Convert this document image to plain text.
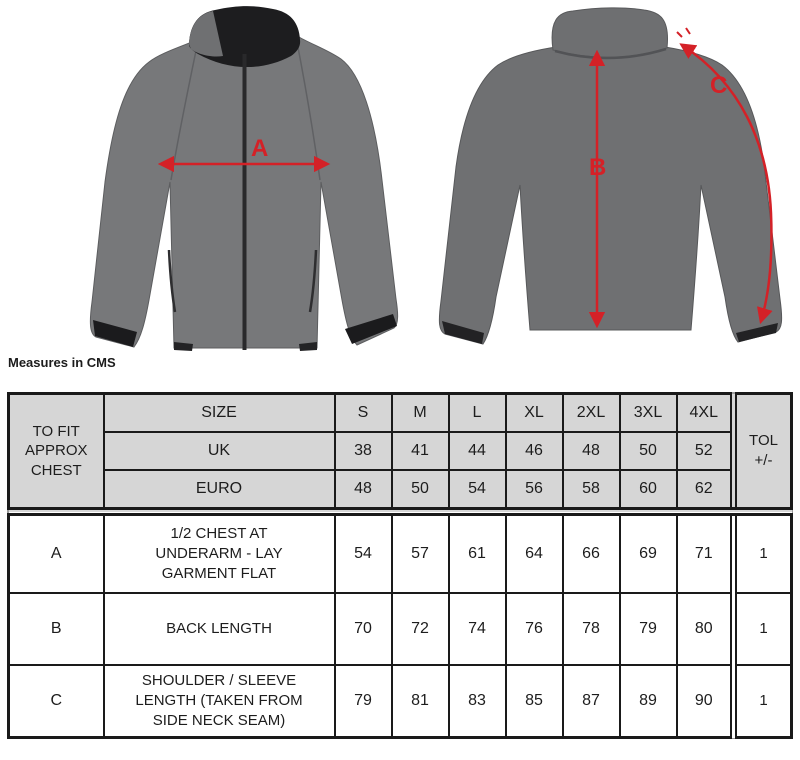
A
B
C
Measures in CMS
TO FIT
APPROX
CHEST
	SIZE	S	M	L	XL	2XL	3XL	4XL	
TOL
+/-

	UK	38	41	44	46	48	50	52	
	EURO	48	50	54	56	58	60	62	
A	1/2 CHEST AT
UNDERARM - LAY
GARMENT FLAT	54	57	61	64	66	69	71	1
B	BACK LENGTH	70	72	74	76	78	79	80	1
C	SHOULDER / SLEEVE
LENGTH (TAKEN FROM
SIDE NECK SEAM)	79	81	83	85	87	89	90	1
